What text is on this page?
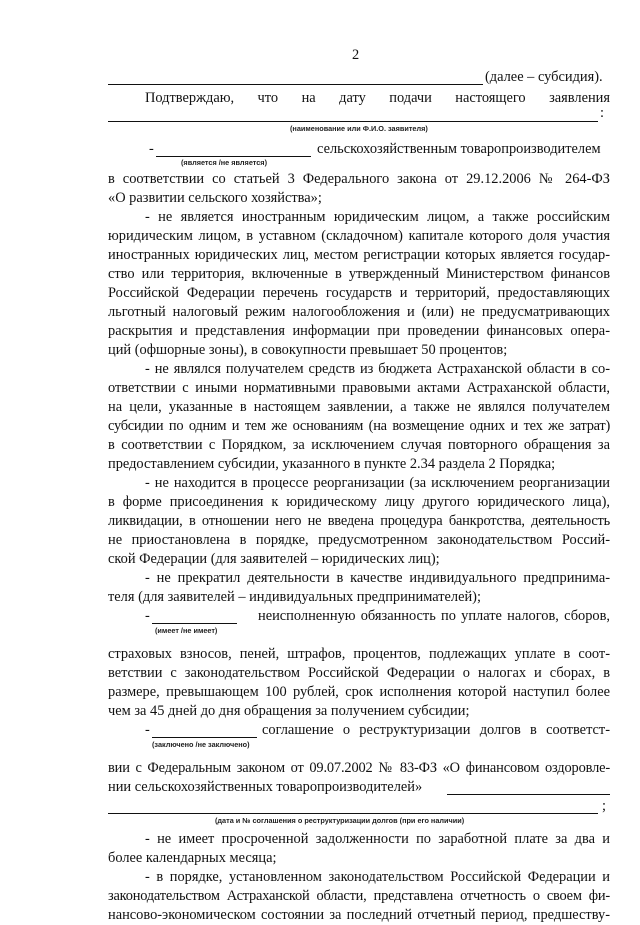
2
(далее – субсидия).
Подтверждаю, что на дату подачи настоящего заявления
:
(наименование или Ф.И.О. заявителя)
-	сельскохозяйственным товаропроизводителем
(является /не является)
в соответствии со статьей 3 Федерального закона от 29.12.2006 № 264-ФЗ
«О развитии сельского хозяйства»;
- не является иностранным юридическим лицом, а также российским
юридическим лицом, в уставном (складочном) капитале которого доля участия
иностранных юридических лиц, местом регистрации которых является государ-
ство или территория, включенные в утвержденный Министерством финансов
Российской Федерации перечень государств и территорий, предоставляющих
льготный налоговый режим налогообложения и (или) не предусматривающих
раскрытия и представления информации при проведении финансовых опера-
ций (офшорные зоны), в совокупности превышает 50 процентов;
- не являлся получателем средств из бюджета Астраханской области в со-
ответствии с иными нормативными правовыми актами Астраханской области,
на цели, указанные в настоящем заявлении, а также не являлся получателем
субсидии по одним и тем же основаниям (на возмещение одних и тех же затрат)
в соответствии с Порядком, за исключением случая повторного обращения за
предоставлением субсидии, указанного в пункте 2.34 раздела 2 Порядка;
- не находится в процессе реорганизации (за исключением реорганизации
в форме присоединения к юридическому лицу другого юридического лица),
ликвидации, в отношении него не введена процедура банкротства, деятельность
не приостановлена в порядке, предусмотренном законодательством Россий-
ской Федерации (для заявителей – юридических лиц);
- не прекратил деятельности в качестве индивидуального предпринима-
теля (для заявителей – индивидуальных предпринимателей);
-	неисполненную обязанность по уплате налогов, сборов,
(имеет /не имеет)
страховых взносов, пеней, штрафов, процентов, подлежащих уплате в соот-
ветствии с законодательством Российской Федерации о налогах и сборах, в
размере, превышающем 100 рублей, срок исполнения которой наступил более
чем за 45 дней до дня обращения за получением субсидии;
-	соглашение о реструктуризации долгов в соответст-
(заключено /не заключено)
вии с Федеральным законом от 09.07.2002 № 83-ФЗ «О финансовом оздоровле-
нии сельскохозяйственных товаропроизводителей»
;
(дата и № соглашения о реструктуризации долгов (при его наличии)
- не имеет просроченной задолженности по заработной плате за два и
более календарных месяца;
- в порядке, установленном законодательством Российской Федерации и
законодательством Астраханской области, представлена отчетность о своем фи-
нансово-экономическом состоянии за последний отчетный период, предшеству-
